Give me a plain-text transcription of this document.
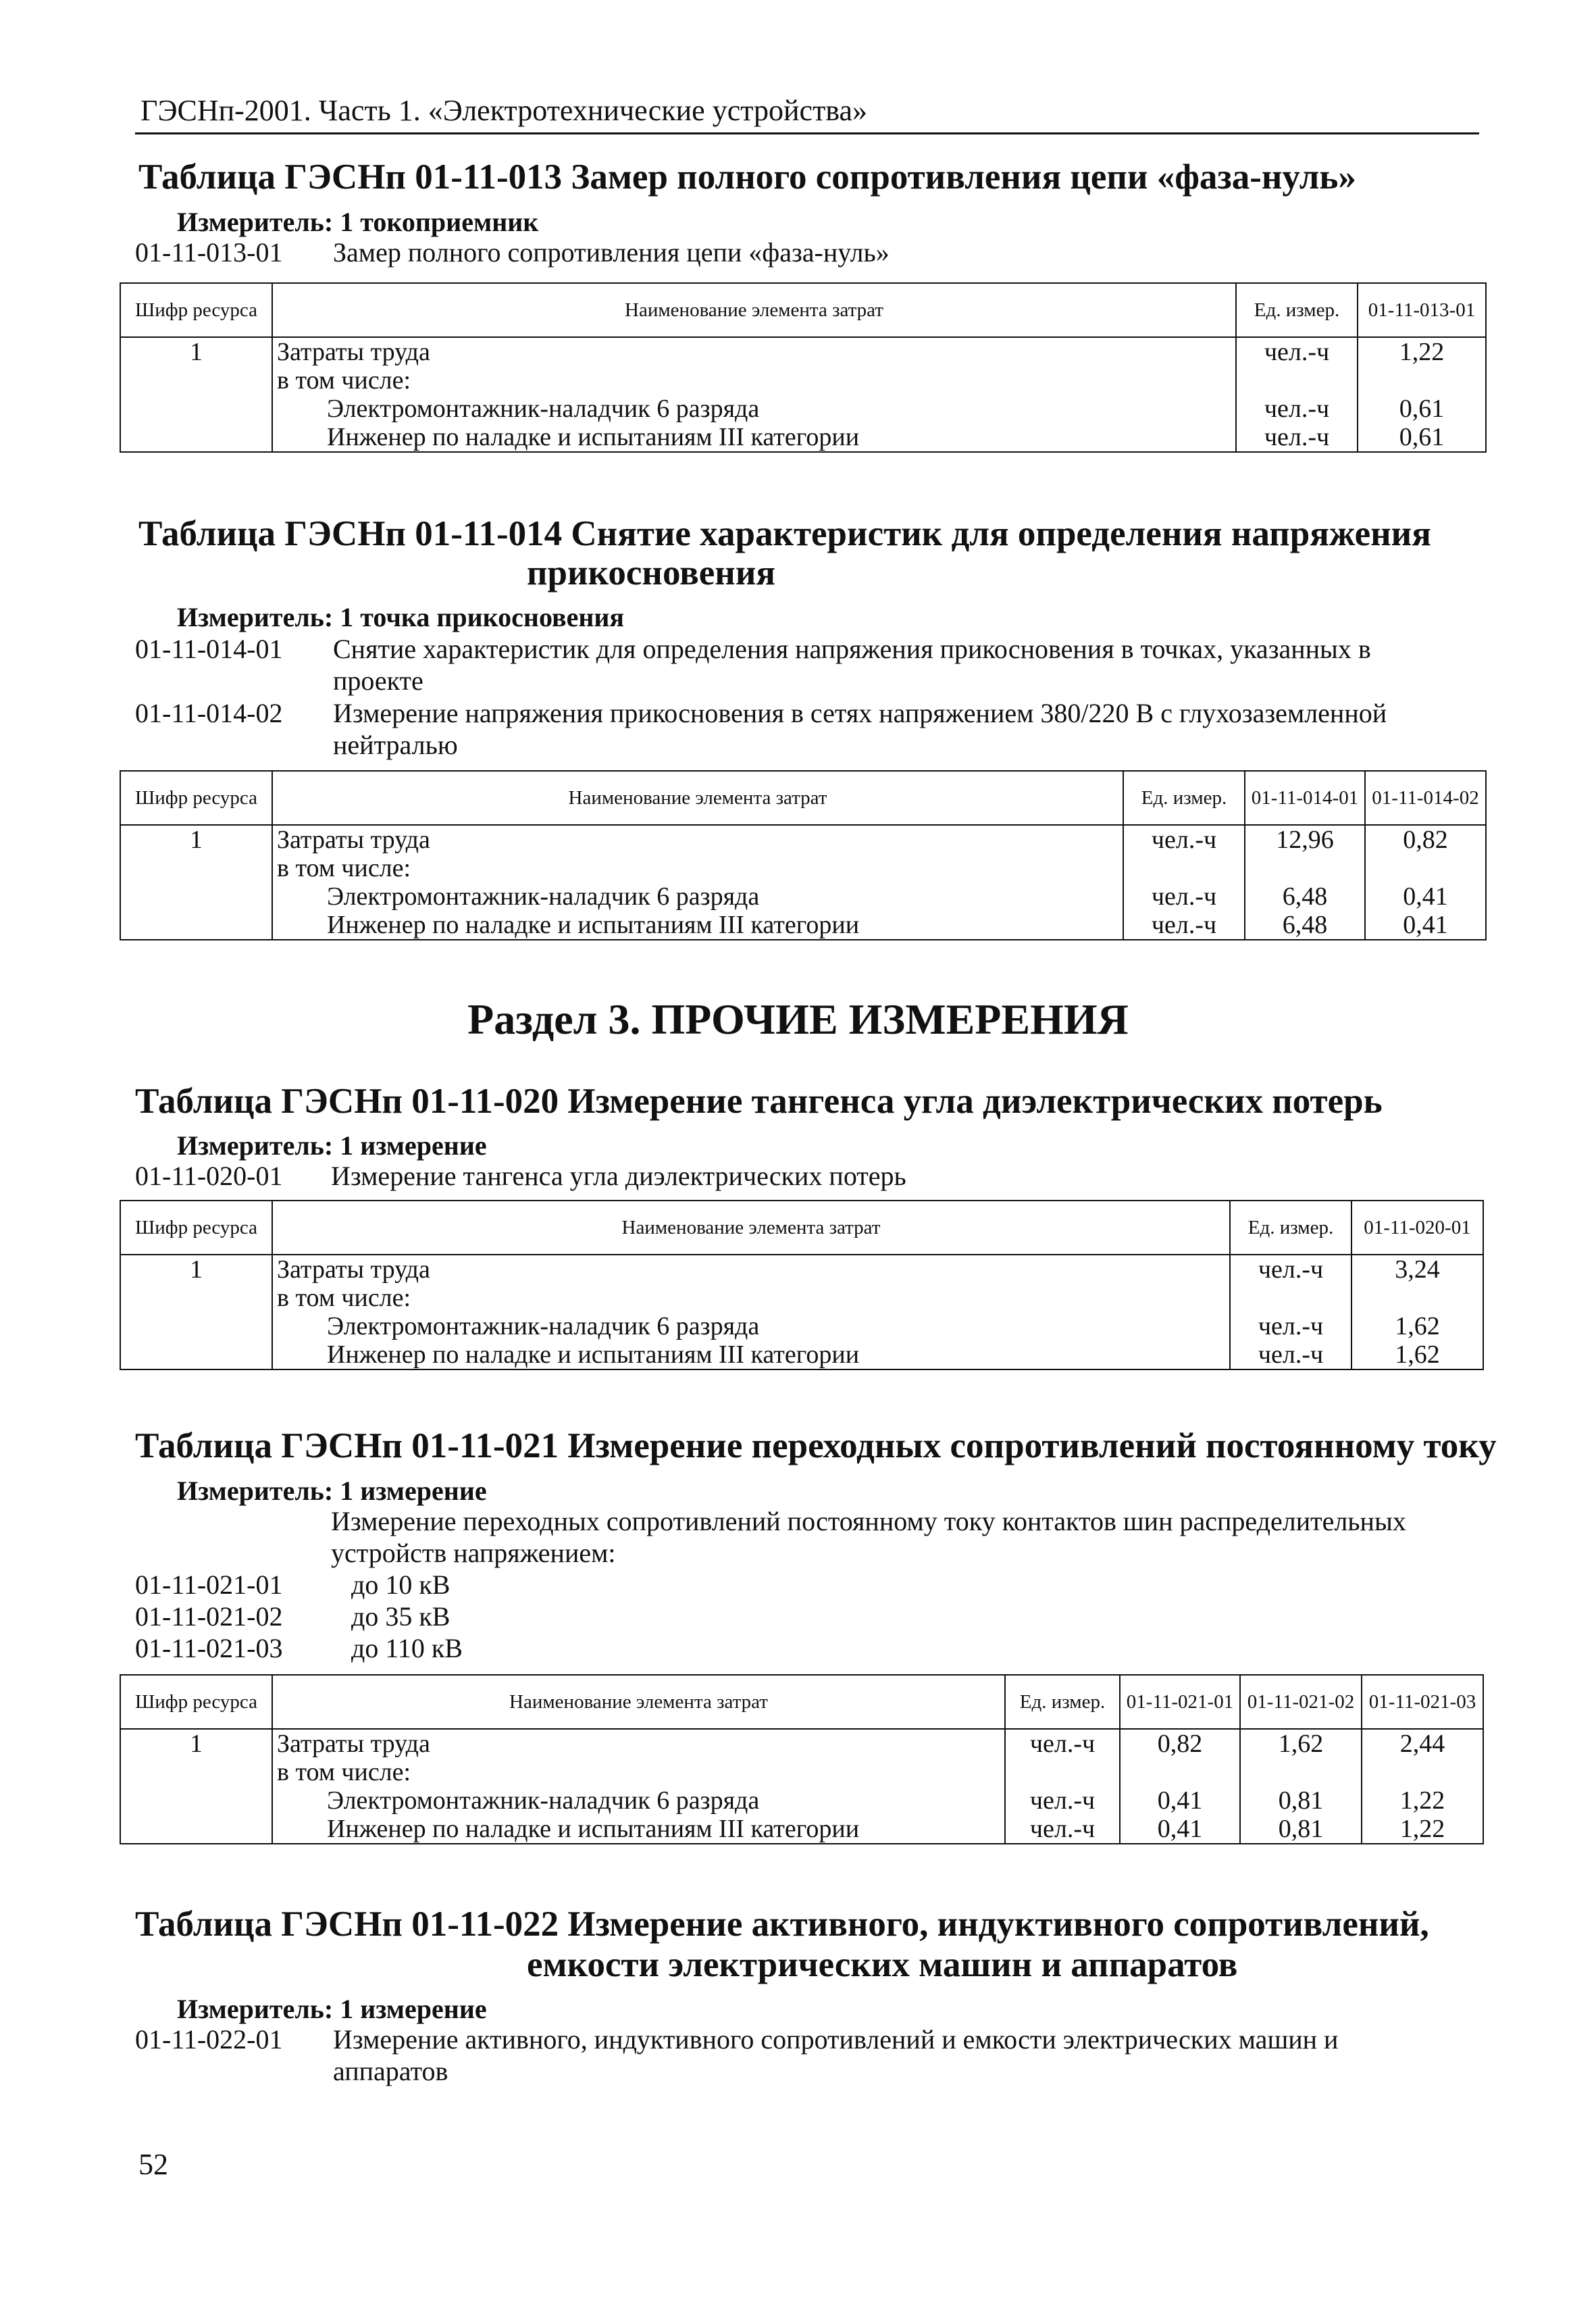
ГЭСНп-2001. Часть 1. «Электротехнические устройства»
Таблица ГЭСНп 01-11-013 Замер полного сопротивления цепи «фаза-нуль»
Измеритель: 1 токоприемник
01-11-013-01 Замер полного сопротивления цепи «фаза-нуль»
Шифр ресурса	Наименование элемента затрат	Ед. измер.	01-11-013-01
1	Затраты труда	чел.-ч	1,22
	в том числе:		
	Электромонтажник-наладчик 6 разряда	чел.-ч	0,61
	Инженер по наладке и испытаниям III категории	чел.-ч	0,61
Таблица ГЭСНп 01-11-014 Снятие характеристик для определения напряжения
прикосновения
Измеритель: 1 точка прикосновения
01-11-014-01 Снятие характеристик для определения напряжения прикосновения в точках, указанных в проекте
01-11-014-02 Измерение напряжения прикосновения в сетях напряжением 380/220 В с глухозаземленной нейтралью
Шифр ресурса	Наименование элемента затрат	Ед. измер.	01-11-014-01	01-11-014-02
1	Затраты труда	чел.-ч	12,96	0,82
	в том числе:			
	Электромонтажник-наладчик 6 разряда	чел.-ч	6,48	0,41
	Инженер по наладке и испытаниям III категории	чел.-ч	6,48	0,41
Раздел 3. ПРОЧИЕ ИЗМЕРЕНИЯ
Таблица ГЭСНп 01-11-020 Измерение тангенса угла диэлектрических потерь
Измеритель: 1 измерение
01-11-020-01 Измерение тангенса угла диэлектрических потерь
Шифр ресурса	Наименование элемента затрат	Ед. измер.	01-11-020-01
1	Затраты труда	чел.-ч	3,24
	в том числе:		
	Электромонтажник-наладчик 6 разряда	чел.-ч	1,62
	Инженер по наладке и испытаниям III категории	чел.-ч	1,62
Таблица ГЭСНп 01-11-021 Измерение переходных сопротивлений постоянному току
Измеритель: 1 измерение
Измерение переходных сопротивлений постоянному току контактов шин распределительных устройств напряжением:
01-11-021-01	до 10 кВ
01-11-021-02	до 35 кВ
01-11-021-03	до 110 кВ
Шифр ресурса	Наименование элемента затрат	Ед. измер.	01-11-021-01	01-11-021-02	01-11-021-03
1	Затраты труда	чел.-ч	0,82	1,62	2,44
	в том числе:				
	Электромонтажник-наладчик 6 разряда	чел.-ч	0,41	0,81	1,22
	Инженер по наладке и испытаниям III категории	чел.-ч	0,41	0,81	1,22
Таблица ГЭСНп 01-11-022 Измерение активного, индуктивного сопротивлений,
емкости электрических машин и аппаратов
Измеритель: 1 измерение
01-11-022-01 Измерение активного, индуктивного сопротивлений и емкости электрических машин и аппаратов
52
